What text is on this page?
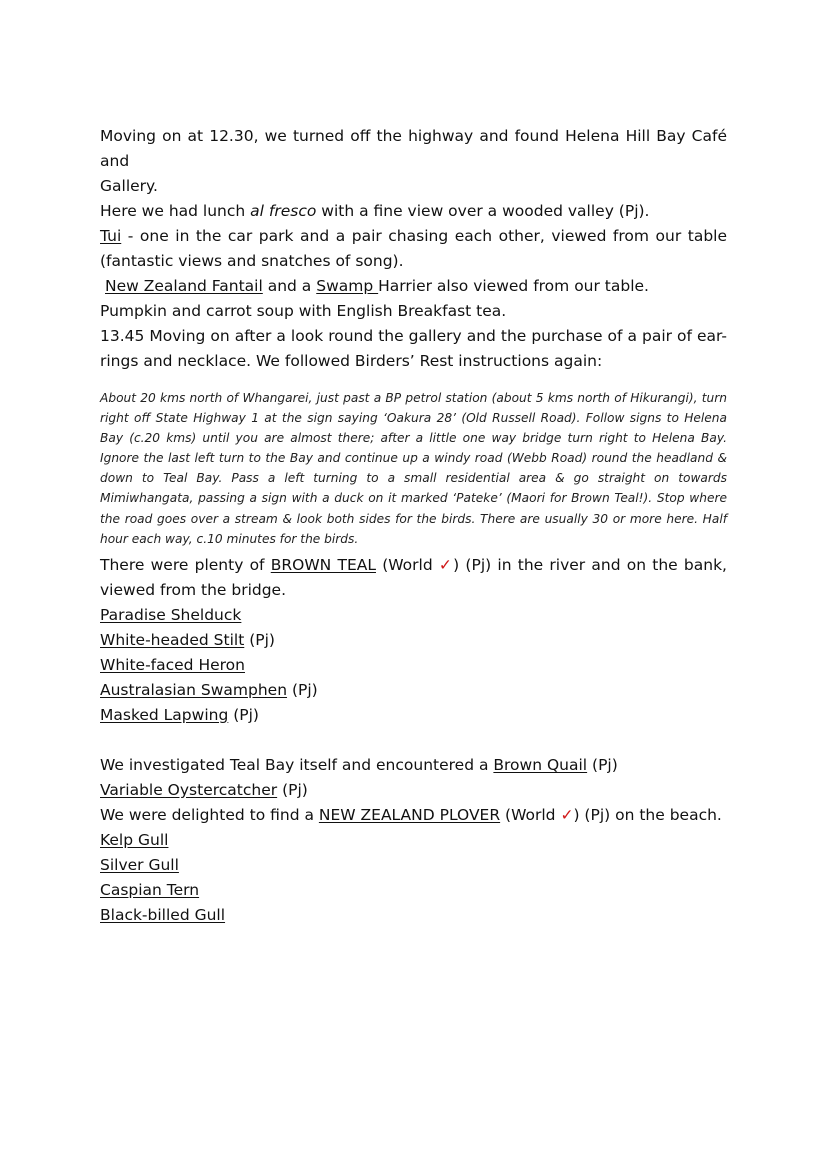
Moving on at 12.30, we turned off the highway and found Helena Hill Bay Café and
Gallery.
Here we had lunch al fresco with a fine view over a wooded valley (Pj).
Tui - one in the car park and a pair chasing each other, viewed from our table
(fantastic views and snatches of song).
New Zealand Fantail and a Swamp Harrier also viewed from our table.
Pumpkin and carrot soup with English Breakfast tea.
13.45 Moving on after a look round the gallery and the purchase of a pair of ear-
rings and necklace. We followed Birders’ Rest instructions again:
About 20 kms north of Whangarei, just past a BP petrol station (about 5 kms north of Hikurangi), turn right off State Highway 1 at the sign saying ‘Oakura 28’ (Old Russell Road). Follow signs to Helena Bay (c.20 kms) until you are almost there; after a little one way bridge turn right to Helena Bay. Ignore the last left turn to the Bay and continue up a windy road (Webb Road) round the headland & down to Teal Bay. Pass a left turning to a small residential area & go straight on towards Mimiwhangata, passing a sign with a duck on it marked ‘Pateke’ (Maori for Brown Teal!). Stop where the road goes over a stream & look both sides for the birds. There are usually 30 or more here. Half hour each way, c.10 minutes for the birds.
There were plenty of BROWN TEAL (World ✓) (Pj) in the river and on the bank,
viewed from the bridge.
Paradise Shelduck
White-headed Stilt (Pj)
White-faced Heron
Australasian Swamphen (Pj)
Masked Lapwing (Pj)
We investigated Teal Bay itself and encountered a Brown Quail (Pj)
Variable Oystercatcher (Pj)
We were delighted to find a NEW ZEALAND PLOVER (World ✓) (Pj) on the beach.
Kelp Gull
Silver Gull
Caspian Tern
Black-billed Gull
